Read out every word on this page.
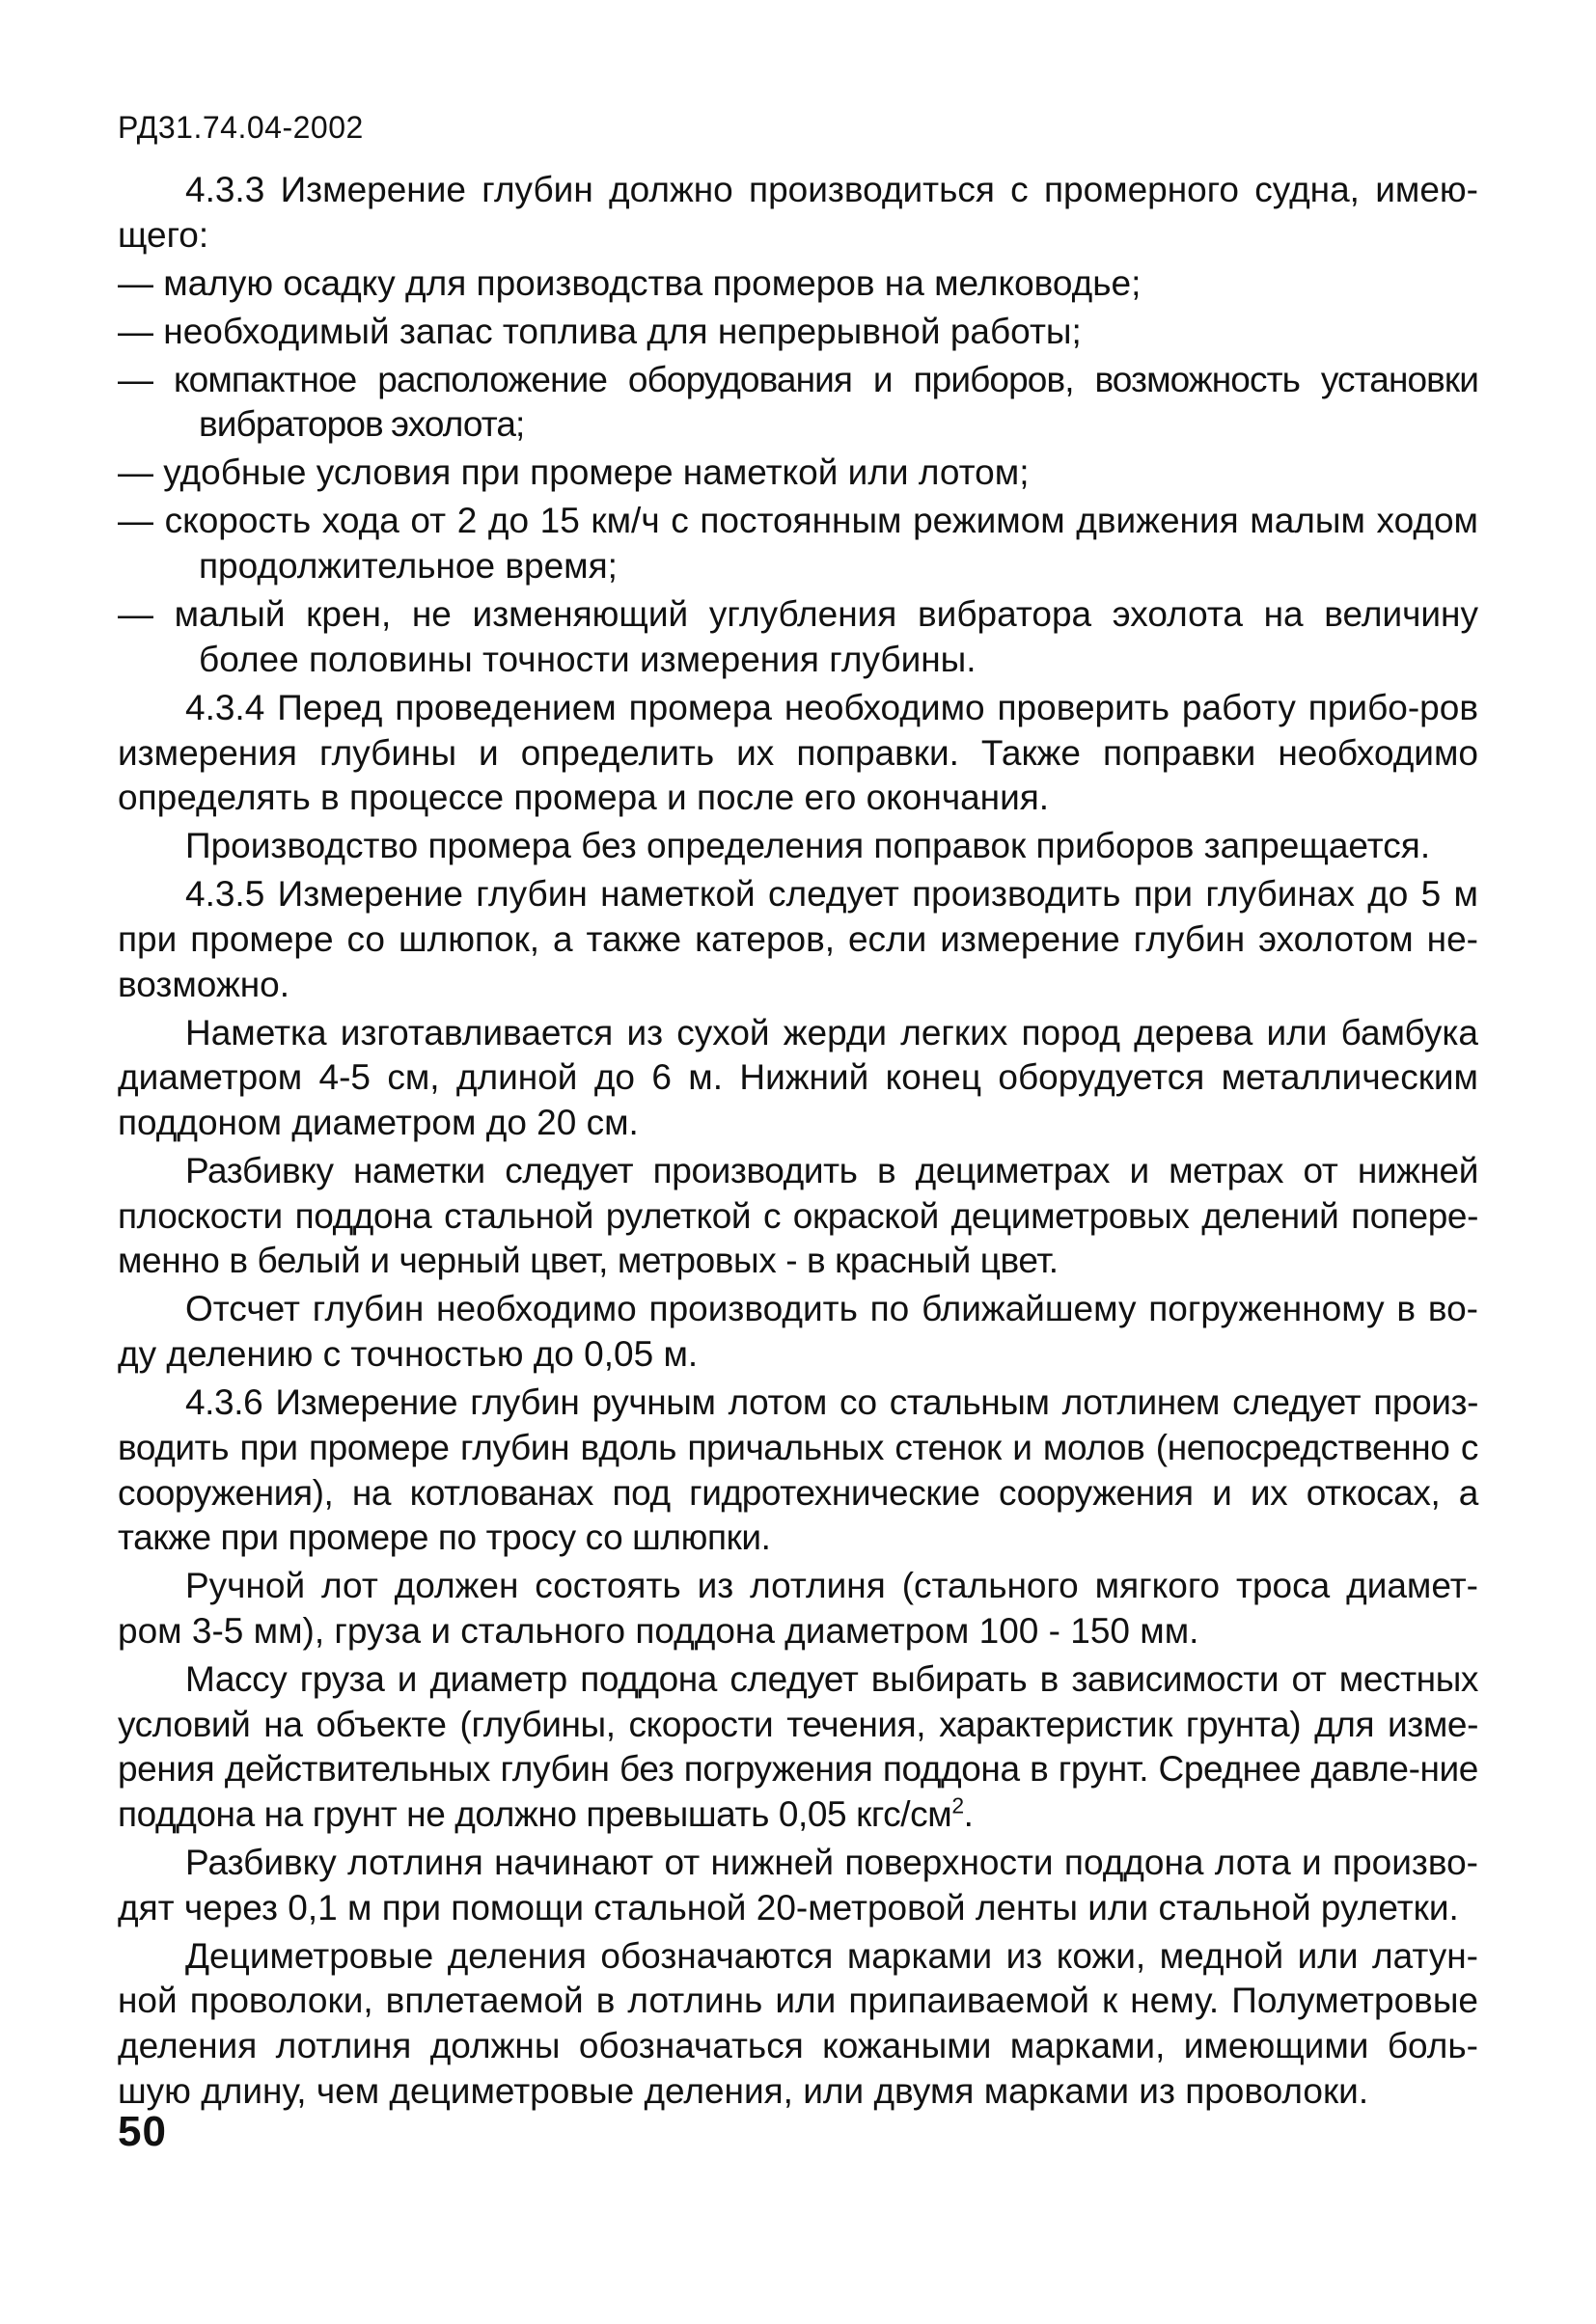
РД31.74.04-2002

4.3.3 Измерение глубин должно производиться с промерного судна, имею-щего:

— малую осадку для производства промеров на мелководье;

— необходимый запас топлива для непрерывной работы;

— компактное расположение оборудования и приборов, возможность установки вибраторов эхолота;

— удобные условия при промере наметкой или лотом;

— скорость хода от 2 до 15 км/ч с постоянным режимом движения малым ходом продолжительное время;

— малый крен, не изменяющий углубления вибратора эхолота на величину более половины точности измерения глубины.

4.3.4 Перед проведением промера необходимо проверить работу прибо-ров измерения глубины и определить их поправки. Также поправки необходимо определять в процессе промера и после его окончания.

Производство промера без определения поправок приборов запрещается.

4.3.5 Измерение глубин наметкой следует производить при глубинах до 5 м при промере со шлюпок, а также катеров, если измерение глубин эхолотом не-возможно.

Наметка изготавливается из сухой жерди легких пород дерева или бамбука диаметром 4-5 см, длиной до 6 м. Нижний конец оборудуется металлическим поддоном диаметром до 20 см.

Разбивку наметки следует производить в дециметрах и метрах от нижней плоскости поддона стальной рулеткой с окраской дециметровых делений попере-менно в белый и черный цвет, метровых - в красный цвет.

Отсчет глубин необходимо производить по ближайшему погруженному в во-ду делению с точностью до 0,05 м.

4.3.6 Измерение глубин ручным лотом со стальным лотлинем следует произ-водить при промере глубин вдоль причальных стенок и молов (непосредственно с сооружения), на котлованах под гидротехнические сооружения и их откосах, а также при промере по тросу со шлюпки.

Ручной лот должен состоять из лотлиня (стального мягкого троса диамет-ром 3-5 мм), груза и стального поддона диаметром 100 - 150 мм.

Массу груза и диаметр поддона следует выбирать в зависимости от местных условий на объекте (глубины, скорости течения, характеристик грунта) для изме-рения действительных глубин без погружения поддона в грунт. Среднее давле-ние поддона на грунт не должно превышать 0,05 кгс/$см^2$.

Разбивку лотлиня начинают от нижней поверхности поддона лота и произво-дят через 0,1 м при помощи стальной 20-метровой ленты или стальной рулетки.

Дециметровые деления обозначаются марками из кожи, медной или латун-ной проволоки, вплетаемой в лотлинь или припаиваемой к нему. Полуметровые деления лотлиня должны обозначаться кожаными марками, имеющими боль-шую длину, чем дециметровые деления, или двумя марками из проволоки.

50
